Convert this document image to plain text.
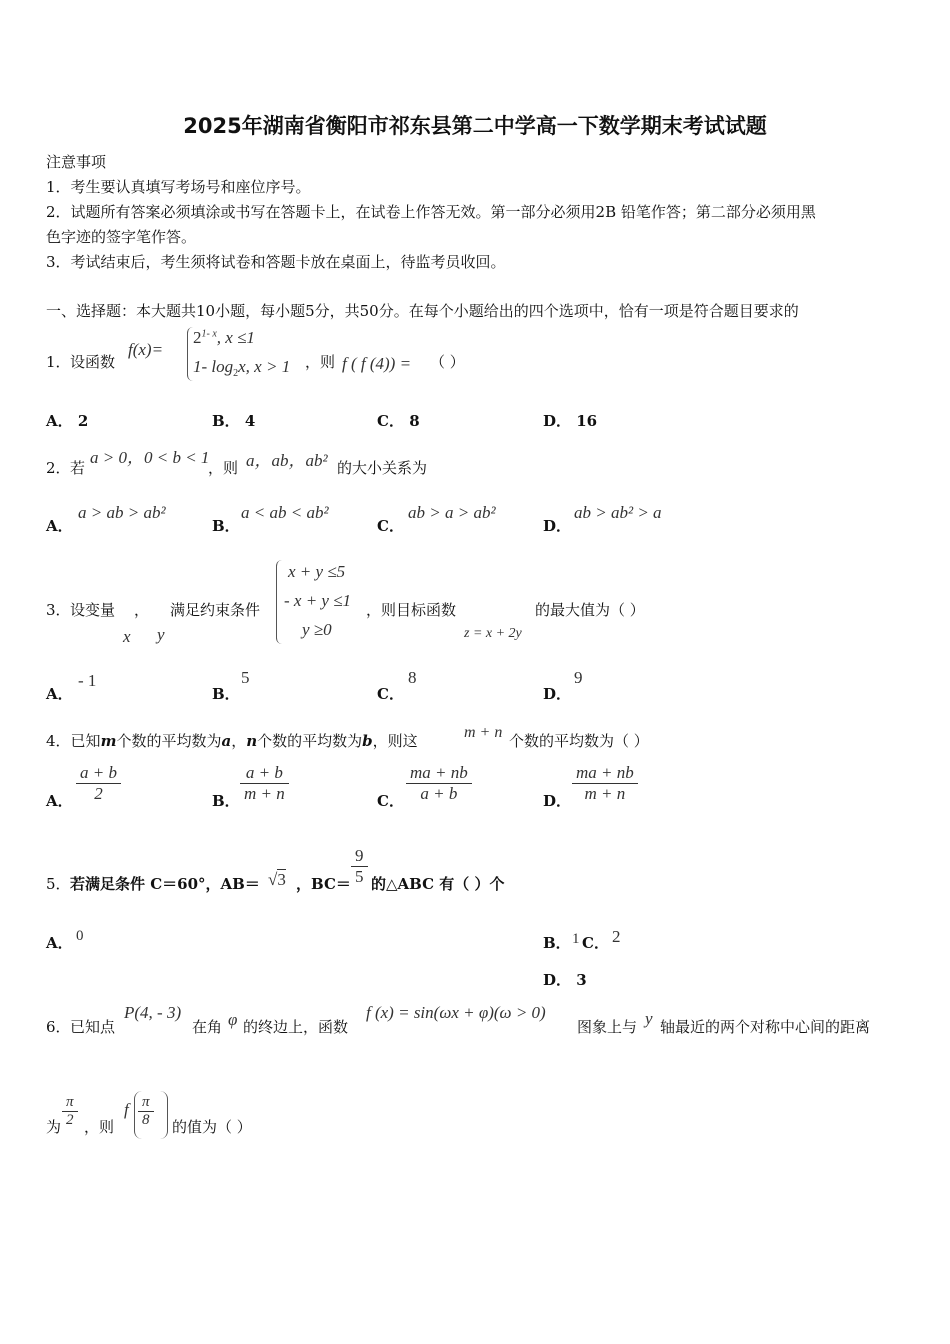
2025年湖南省衡阳市祁东县第二中学高一下数学期末考试试题
注意事项
1．考生要认真填写考场号和座位序号。
2．试题所有答案必须填涂或书写在答题卡上，在试卷上作答无效。第一部分必须用2B 铅笔作答；第二部分必须用黑
色字迹的签字笔作答。
3．考试结束后，考生须将试卷和答题卡放在桌面上，待监考员收回。
一、选择题：本大题共10小题，每小题5分，共50分。在每个小题给出的四个选项中，恰有一项是符合题目要求的
1． 设函数
f(x)=
$2^{1- x}$, x ≤1
1- $\log_2x$, x > 1 ，则 f ( f (4)) = （ ）
A． 2	B． 4	C． 8	D． 16
2． 若
a > 0，0 < b < 1
，则 a，ab，ab² 的大小关系为
A．
a > ab > ab²
B．
a < ab < ab²
C．
ab > a > ab²
D．
ab > ab² > a
3． 设变量 ， 满足约束条件
x y
x + y ≤5
- x + y ≤1
y ≥0
，则目标函数	的最大值为（ ）
z = x + 2y
A．
- 1
B．
5
C．
8
D．
9
4．已知m个数的平均数为a，n个数的平均数为b，则这	m + n 个数的平均数为（ ）
A． $\frac{a + b}{2}$	B． $\frac{a + b}{m + n}$	C． $\frac{ma + nb}{a + b}$	D． $\frac{ma + nb}{m + n}$
5． 若满足条件 C＝60°，AB＝ √3 ，$BC= \frac{9}{5}$ 的△ABC 有（ ）个
A． 0	B． 1 C． 2
D． 3
6． 已知点
P(4, - 3)
在角 φ 的终边上，函数
f (x) = sin(ωx + φ)(ω > 0)
图象上与 y 轴最近的两个对称中心间的距离
为 $\frac{\pi}{2}$ ，则
f $\frac{\pi}{8}$ 的值为（ ）
